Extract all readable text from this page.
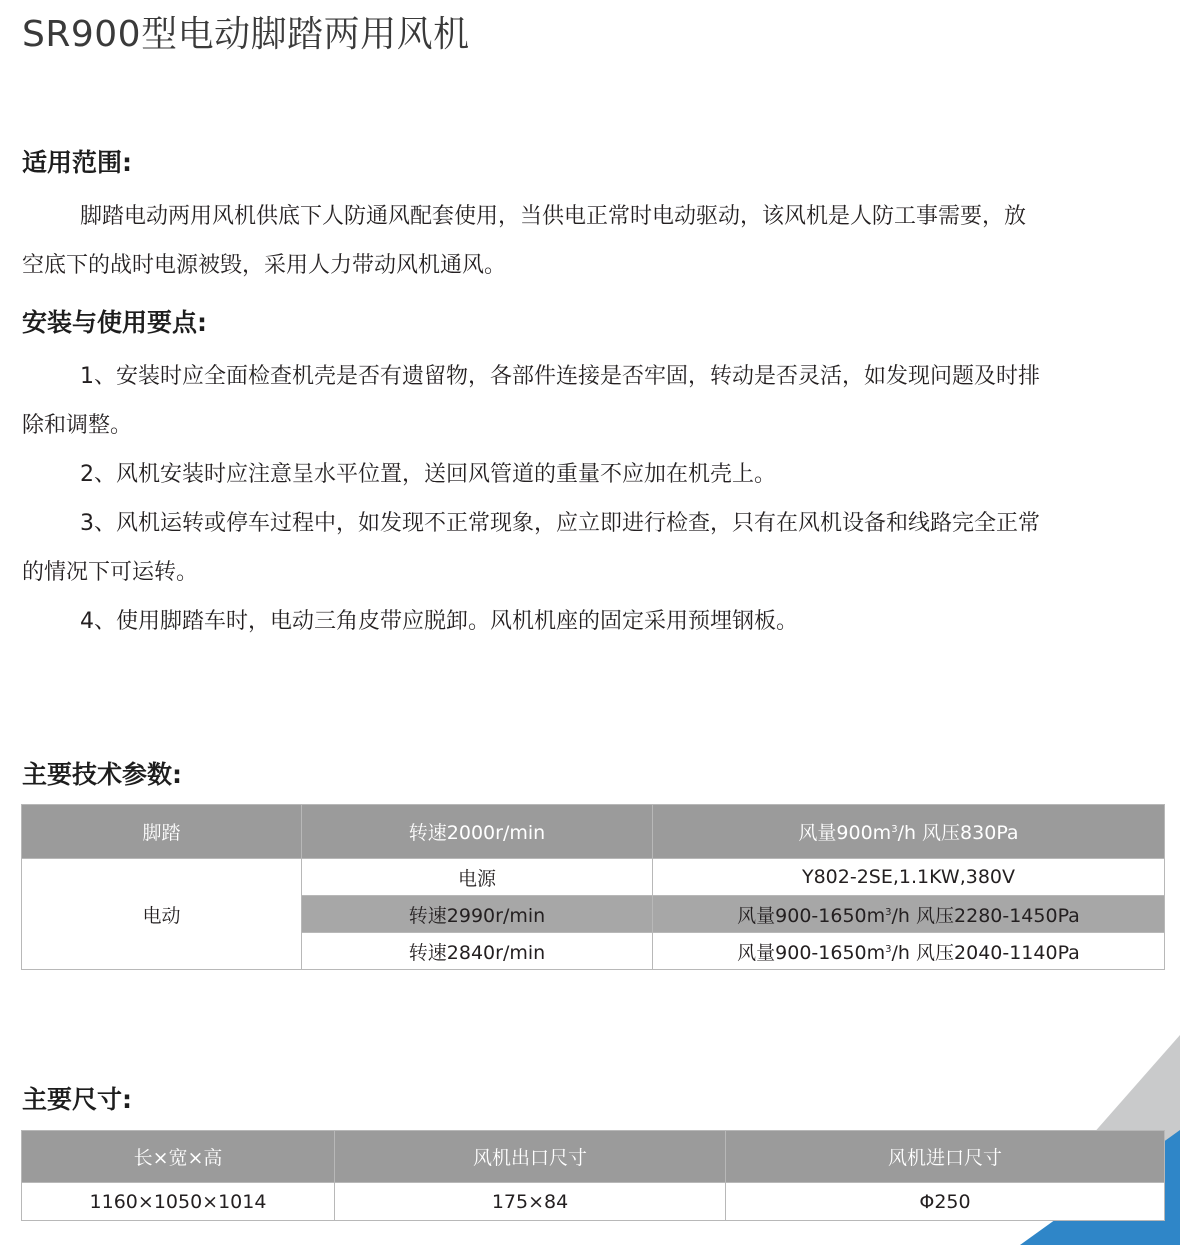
SR900型电动脚踏两用风机
适用范围:
脚踏电动两用风机供底下人防通风配套使用，当供电正常时电动驱动，该风机是人防工事需要，放
空底下的战时电源被毁，采用人力带动风机通风。
安装与使用要点:
1、安装时应全面检查机壳是否有遗留物，各部件连接是否牢固，转动是否灵活，如发现问题及时排
除和调整。
2、风机安装时应注意呈水平位置，送回风管道的重量不应加在机壳上。
3、风机运转或停车过程中，如发现不正常现象，应立即进行检查，只有在风机设备和线路完全正常
的情况下可运转。
4、使用脚踏车时，电动三角皮带应脱卸。风机机座的固定采用预埋钢板。
主要技术参数:
脚踏	转速2000r/min	风量$900m^3/h$ 风压830Pa
电动	电源	Y802-2SE,1.1KW,380V
	转速2990r/min	风量$900-1650m^3/h$ 风压2280-1450Pa
	转速2840r/min	风量$900-1650m^3/h$ 风压2040-1140Pa
主要尺寸:
长×宽×高	风机出口尺寸	风机进口尺寸
1160×1050×1014	175×84	Φ250
